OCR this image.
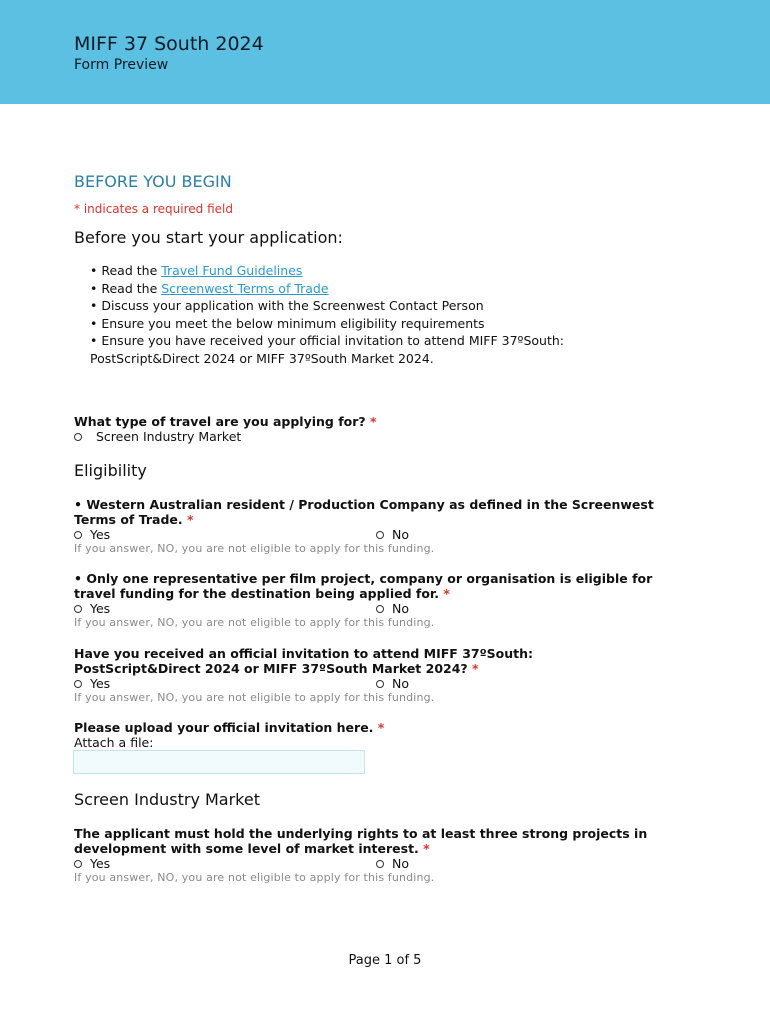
MIFF 37 South 2024
Form Preview
BEFORE YOU BEGIN
* indicates a required field
Before you start your application:
• Read the Travel Fund Guidelines
• Read the Screenwest Terms of Trade
• Discuss your application with the Screenwest Contact Person
• Ensure you meet the below minimum eligibility requirements
• Ensure you have received your official invitation to attend MIFF 37ºSouth:
PostScript&Direct 2024 or MIFF 37ºSouth Market 2024.
What type of travel are you applying for? *
Screen Industry Market
Eligibility
• Western Australian resident / Production Company as defined in the Screenwest
Terms of Trade. *
Yes	No
If you answer, NO, you are not eligible to apply for this funding.
• Only one representative per film project, company or organisation is eligible for
travel funding for the destination being applied for. *
Yes	No
If you answer, NO, you are not eligible to apply for this funding.
Have you received an official invitation to attend MIFF 37ºSouth:
PostScript&Direct 2024 or MIFF 37ºSouth Market 2024? *
Yes	No
If you answer, NO, you are not eligible to apply for this funding.
Please upload your official invitation here. *
Attach a file:
Screen Industry Market
The applicant must hold the underlying rights to at least three strong projects in
development with some level of market interest. *
Yes	No
If you answer, NO, you are not eligible to apply for this funding.
Page 1 of 5
